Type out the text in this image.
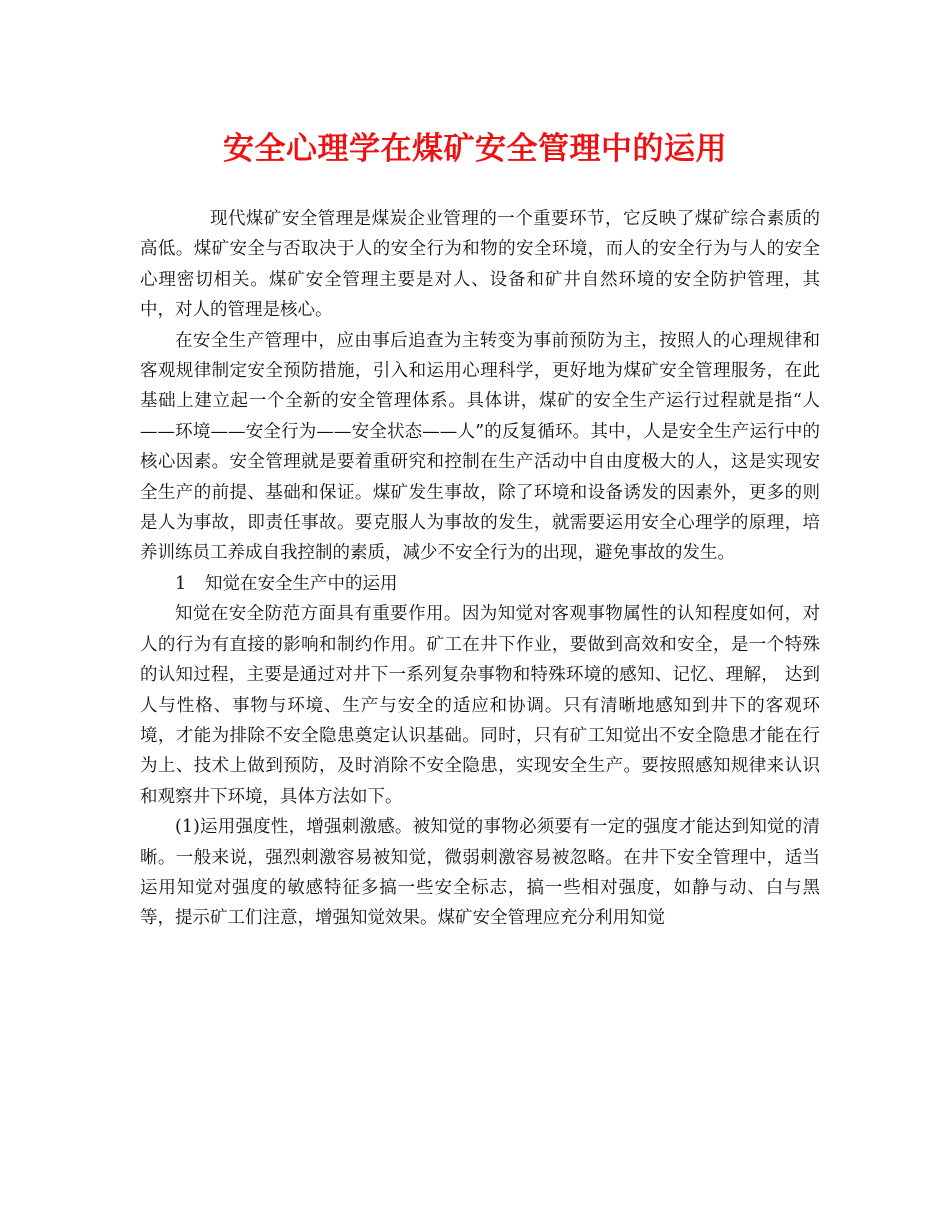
安全心理学在煤矿安全管理中的运用

现代煤矿安全管理是煤炭企业管理的一个重要环节，它反映了煤矿综合素质的高低。煤矿安全与否取决于人的安全行为和物的安全环境，而人的安全行为与人的安全心理密切相关。煤矿安全管理主要是对人、设备和矿井自然环境的安全防护管理，其中，对人的管理是核心。

在安全生产管理中，应由事后追查为主转变为事前预防为主，按照人的心理规律和客观规律制定安全预防措施，引入和运用心理科学，更好地为煤矿安全管理服务，在此基础上建立起一个全新的安全管理体系。具体讲，煤矿的安全生产运行过程就是指“人——环境——安全行为——安全状态——人”的反复循环。其中，人是安全生产运行中的核心因素。安全管理就是要着重研究和控制在生产活动中自由度极大的人，这是实现安全生产的前提、基础和保证。煤矿发生事故，除了环境和设备诱发的因素外，更多的则是人为事故，即责任事故。要克服人为事故的发生，就需要运用安全心理学的原理，培养训练员工养成自我控制的素质，减少不安全行为的出现，避免事故的发生。

1 知觉在安全生产中的运用

知觉在安全防范方面具有重要作用。因为知觉对客观事物属性的认知程度如何，对人的行为有直接的影响和制约作用。矿工在井下作业，要做到高效和安全，是一个特殊的认知过程，主要是通过对井下一系列复杂事物和特殊环境的感知、记忆、理解， 达到人与性格、事物与环境、生产与安全的适应和协调。只有清晰地感知到井下的客观环境，才能为排除不安全隐患奠定认识基础。同时，只有矿工知觉出不安全隐患才能在行为上、技术上做到预防，及时消除不安全隐患，实现安全生产。要按照感知规律来认识和观察井下环境，具体方法如下。

(1)运用强度性，增强刺激感。被知觉的事物必须要有一定的强度才能达到知觉的清晰。一般来说，强烈刺激容易被知觉，微弱刺激容易被忽略。在井下安全管理中，适当运用知觉对强度的敏感特征多搞一些安全标志，搞一些相对强度，如静与动、白与黑等，提示矿工们注意，增强知觉效果。煤矿安全管理应充分利用知觉
